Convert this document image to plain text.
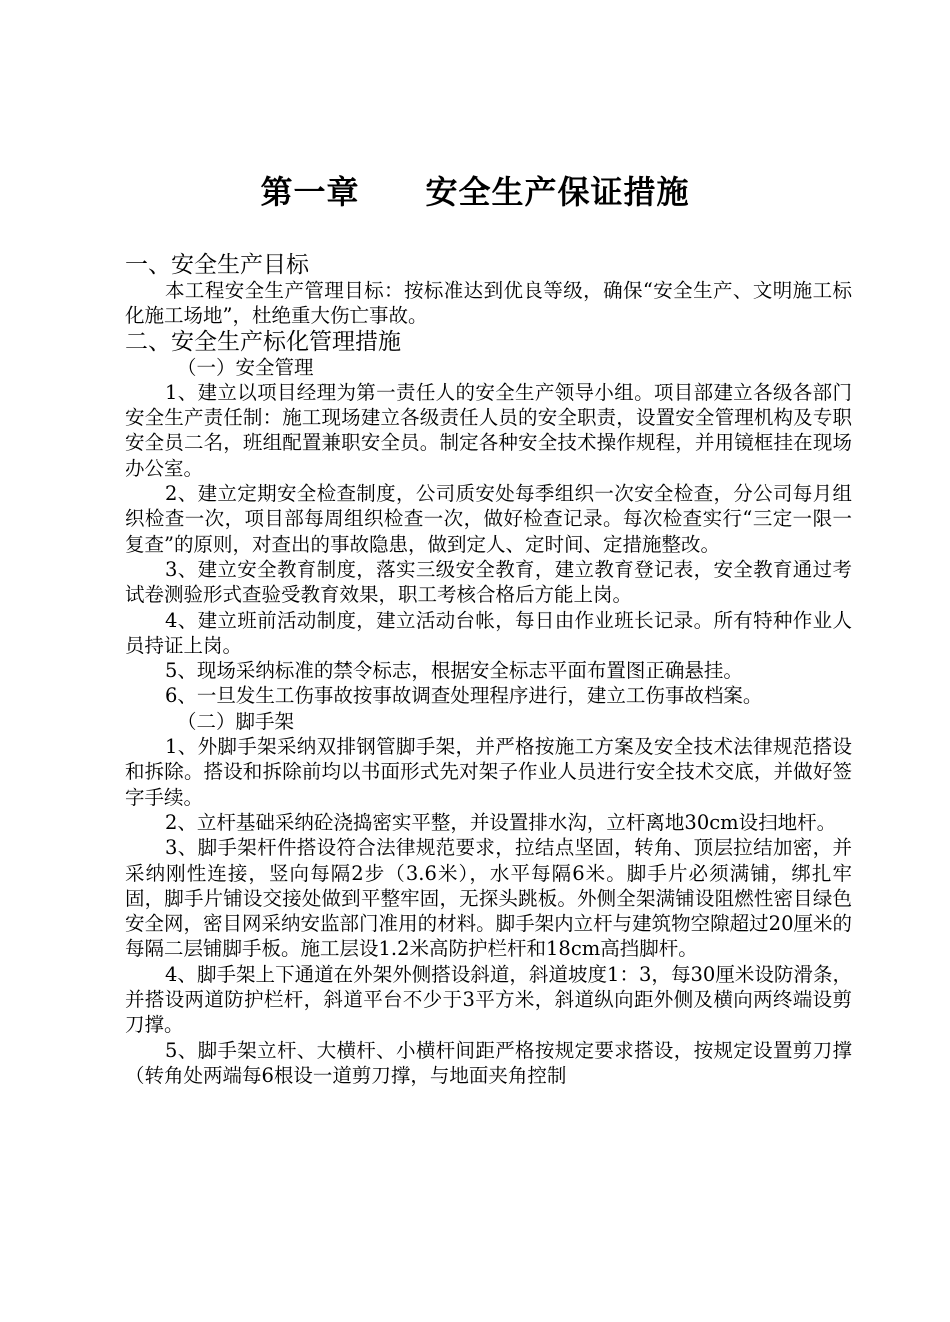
第一章　　安全生产保证措施

一、安全生产目标

本工程安全生产管理目标：按标准达到优良等级，确保“安全生产、文明施工标化施工场地”，杜绝重大伤亡事故。

二、安全生产标化管理措施

（一）安全管理

1、建立以项目经理为第一责任人的安全生产领导小组。项目部建立各级各部门安全生产责任制：施工现场建立各级责任人员的安全职责，设置安全管理机构及专职安全员二名，班组配置兼职安全员。制定各种安全技术操作规程，并用镜框挂在现场办公室。

2、建立定期安全检查制度，公司质安处每季组织一次安全检查，分公司每月组织检查一次，项目部每周组织检查一次，做好检查记录。每次检查实行“三定一限一复查”的原则，对查出的事故隐患，做到定人、定时间、定措施整改。

3、建立安全教育制度，落实三级安全教育，建立教育登记表，安全教育通过考试卷测验形式查验受教育效果，职工考核合格后方能上岗。

4、建立班前活动制度，建立活动台帐，每日由作业班长记录。所有特种作业人员持证上岗。

5、现场采纳标准的禁令标志，根据安全标志平面布置图正确悬挂。

6、一旦发生工伤事故按事故调查处理程序进行，建立工伤事故档案。

（二）脚手架

1、外脚手架采纳双排钢管脚手架，并严格按施工方案及安全技术法律规范搭设和拆除。搭设和拆除前均以书面形式先对架子作业人员进行安全技术交底，并做好签字手续。

2、立杆基础采纳砼浇捣密实平整，并设置排水沟，立杆离地30cm设扫地杆。

3、脚手架杆件搭设符合法律规范要求，拉结点坚固，转角、顶层拉结加密，并采纳刚性连接，竖向每隔2步（3.6米），水平每隔6米。脚手片必须满铺，绑扎牢固，脚手片铺设交接处做到平整牢固，无探头跳板。外侧全架满铺设阻燃性密目绿色安全网，密目网采纳安监部门准用的材料。脚手架内立杆与建筑物空隙超过20厘米的每隔二层铺脚手板。施工层设1.2米高防护栏杆和18cm高挡脚杆。

4、脚手架上下通道在外架外侧搭设斜道，斜道坡度1：3，每30厘米设防滑条，并搭设两道防护栏杆，斜道平台不少于3平方米，斜道纵向距外侧及横向两终端设剪刀撑。

5、脚手架立杆、大横杆、小横杆间距严格按规定要求搭设，按规定设置剪刀撑（转角处两端每6根设一道剪刀撑，与地面夹角控制
